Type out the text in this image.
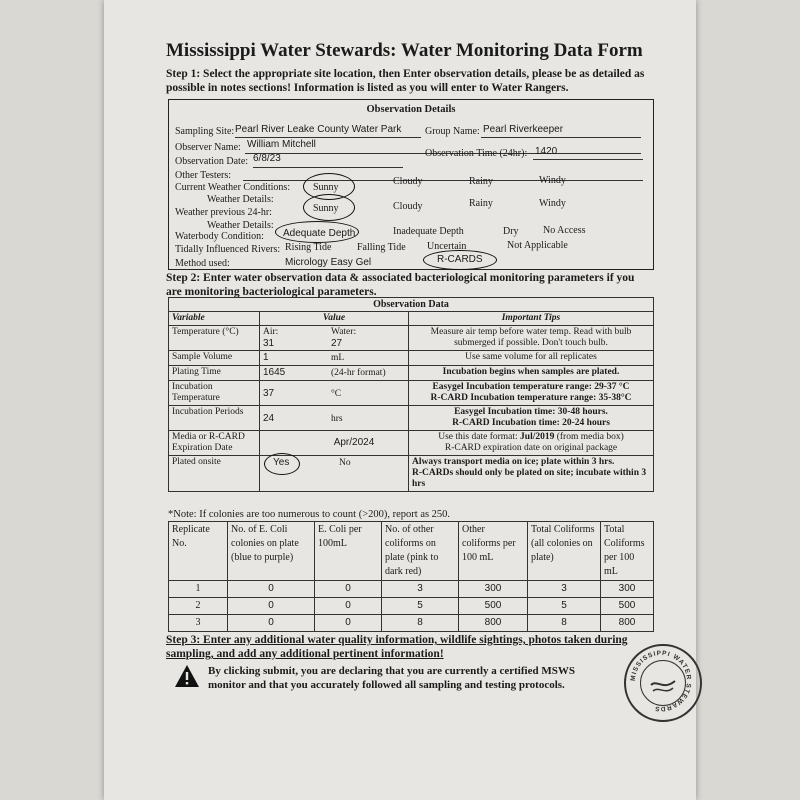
Mississippi Water Stewards: Water Monitoring Data Form
Step 1: Select the appropriate site location, then Enter observation details, please be as detailed as possible in notes sections! Information is listed as you will enter to Water Rangers.
Observation Details
Sampling Site: Pearl River Leake County Water Park Group Name: Pearl Riverkeeper
Observer Name: William Mitchell
Observation Date: 6/8/23	Observation Time (24hr): 1420
Other Testers:
Current Weather Conditions: Sunny
Cloudy	Rainy	Windy
Weather Details:
Weather previous 24-hr:	Sunny	Cloudy	Rainy	Windy
Weather Details:
Waterbody Condition: Adequate Depth	Inadequate Depth	Dry No Access
Tidally Influenced Rivers: Rising Tide	Falling Tide Uncertain	Not Applicable
Method used:	Micrology Easy Gel	R-CARDS
Step 2: Enter water observation data & associated bacteriological monitoring parameters if you are monitoring bacteriological parameters.
Observation Data		
Variable	Value	Important Tips
Temperature (°C)	Air:
31
Water:
27	Measure air temp before water temp. Read with bulb submerged if possible. Don't touch bulb.
Sample Volume	1 mL	Use same volume for all replicates
Plating Time	1645 (24-hr format)	Incubation begins when samples are plated.
Incubation Temperature	37 °C	Easygel Incubation temperature range: 29-37 °C
R-CARD Incubation temperature range: 35-38°C

Incubation Periods	24 hrs	Easygel Incubation time: 30-48 hours.
R-CARD Incubation time: 20-24 hours

Media or R-CARD Expiration Date	Apr/2024	Use this date format: Jul/2019 (from media box)
R-CARD expiration date on original package

Plated onsite	Yes No	Always transport media on ice; plate within 3 hrs.
R-CARDs should only be plated on site; incubate within 3 hrs
*Note: If colonies are too numerous to count (>200), report as 250.
Replicate No.	No. of E. Coli colonies on plate (blue to purple)	E. Coli per 100mL	No. of other coliforms on plate (pink to dark red)	Other coliforms per 100 mL	Total Coliforms (all colonies on plate)	Total Coliforms per 100 mL
1	0	0	3	300	3	300
2	0	0	5	500	5	500
3	0	0	8	800	8	800
Step 3: Enter any additional water quality information, wildlife sightings, photos taken during sampling, and add any additional pertinent information!
By clicking submit, you are declaring that you are currently a certified MSWS monitor and that you accurately followed all sampling and testing protocols.
MISSISSIPPI WATER STEWARDS
